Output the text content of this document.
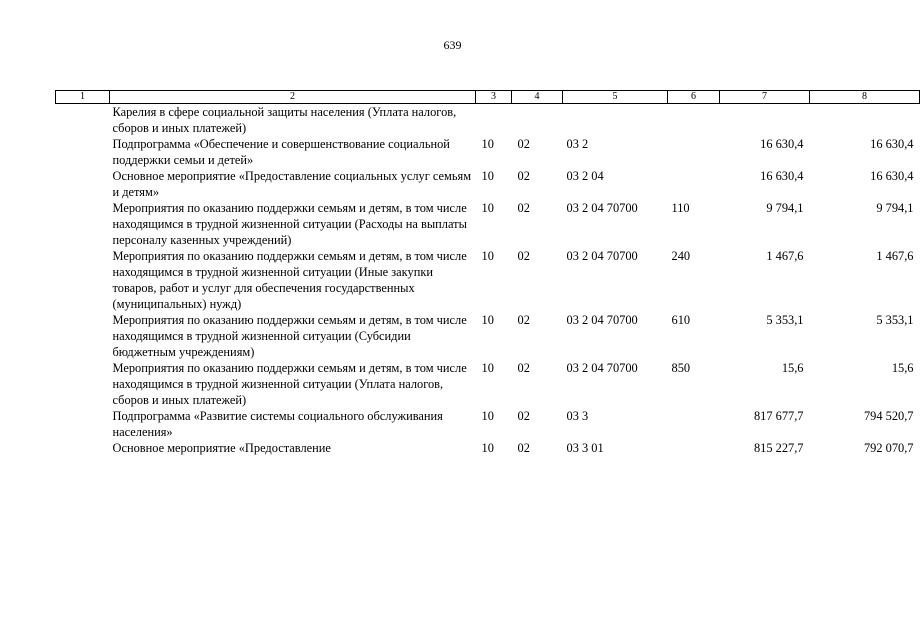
639
1	2	3	4	5	6	7	8
	Карелия в сфере социальной защиты населения (Уплата налогов, сборов и иных платежей)						
	Подпрограмма «Обеспечение и совершенствование социальной поддержки семьи и детей»	10	02	03 2		16 630,4	16 630,4
	Основное мероприятие «Предоставление социальных услуг семьям и детям»	10	02	03 2 04		16 630,4	16 630,4
	Мероприятия по оказанию поддержки семьям и детям, в том числе находящимся в трудной жизненной ситуации (Расходы на выплаты персоналу казенных учреждений)	10	02	03 2 04 70700	110	9 794,1	9 794,1
	Мероприятия по оказанию поддержки семьям и детям, в том числе находящимся в трудной жизненной ситуации (Иные закупки товаров, работ и услуг для обеспечения государственных (муниципальных) нужд)	10	02	03 2 04 70700	240	1 467,6	1 467,6
	Мероприятия по оказанию поддержки семьям и детям, в том числе находящимся в трудной жизненной ситуации (Субсидии бюджетным учреждениям)	10	02	03 2 04 70700	610	5 353,1	5 353,1
	Мероприятия по оказанию поддержки семьям и детям, в том числе находящимся в трудной жизненной ситуации (Уплата налогов, сборов и иных платежей)	10	02	03 2 04 70700	850	15,6	15,6
	Подпрограмма «Развитие системы социального обслуживания населения»	10	02	03 3		817 677,7	794 520,7
	Основное мероприятие «Предоставление	10	02	03 3 01		815 227,7	792 070,7
